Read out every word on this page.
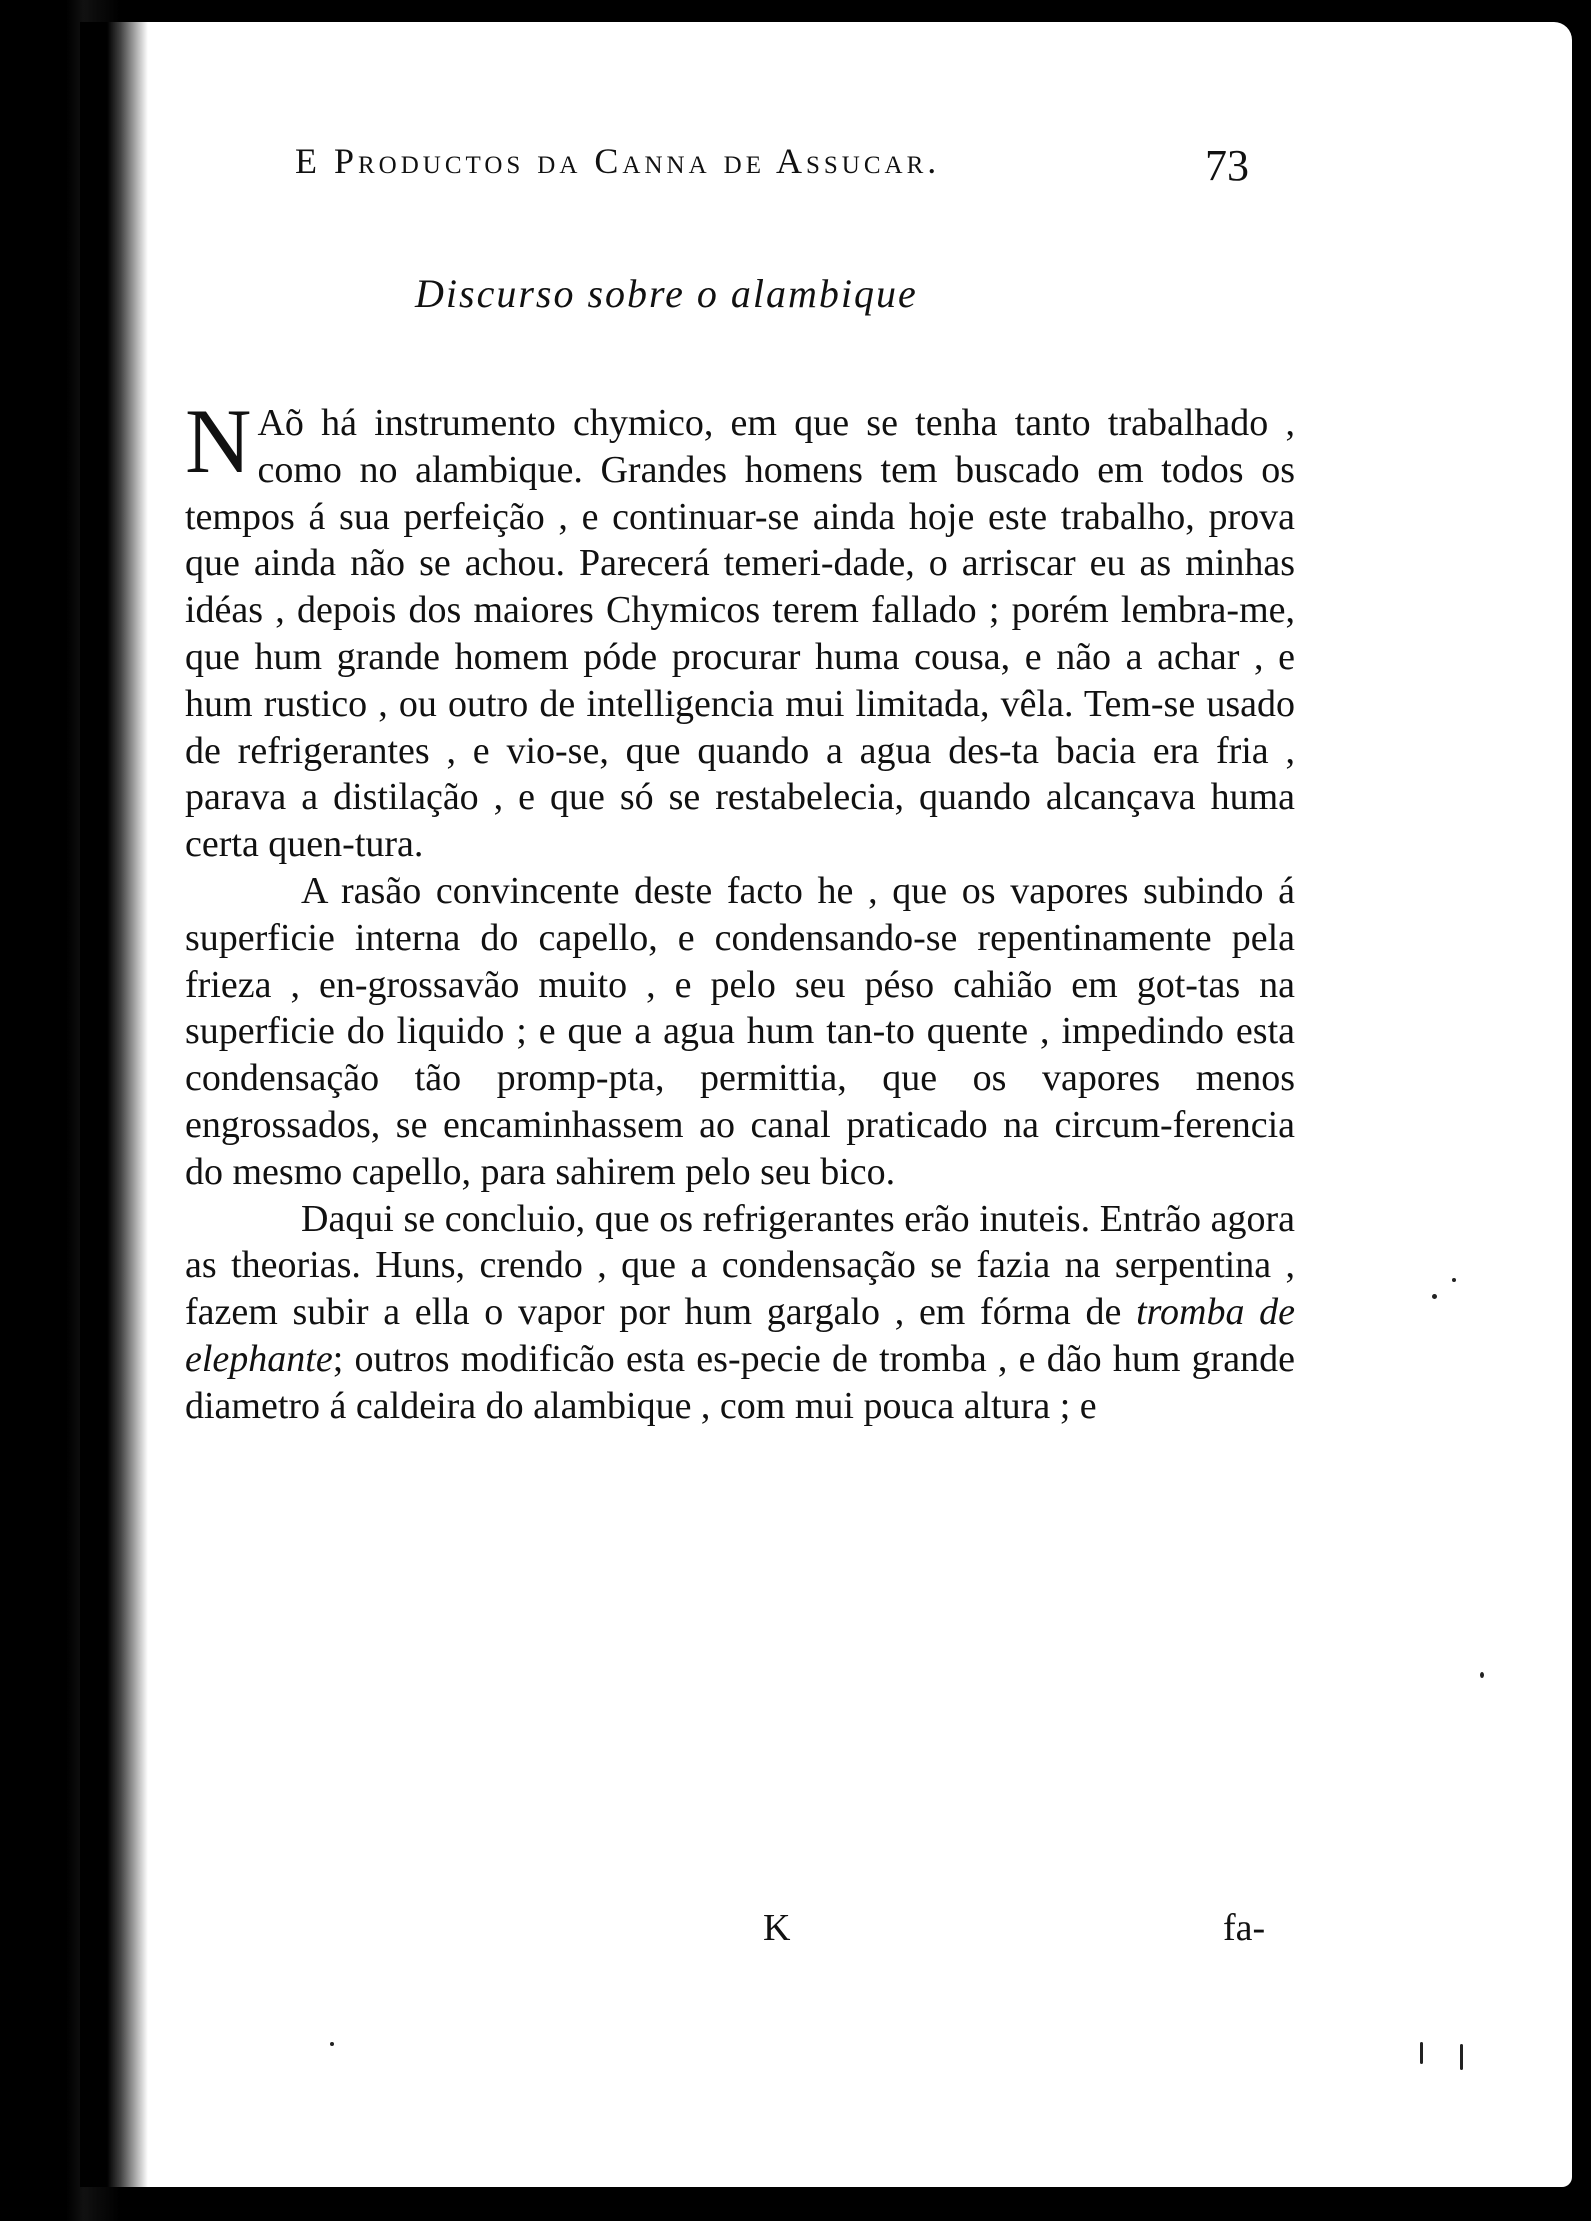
E Productos da Canna de Assucar.	73
Discurso sobre o alambique

N Aõ há instrumento chymico, em que se tenha tanto trabalhado , como no alambique. Grandes homens tem buscado em todos os tempos á sua perfeição , e continuar-se ainda hoje este trabalho, prova que ainda não se achou. Parecerá temeri-dade, o arriscar eu as minhas idéas , depois dos maiores Chymicos terem fallado ; porém lembra-me, que hum grande homem póde procurar huma cousa, e não a achar , e hum rustico , ou outro de intelligencia mui limitada, vêla. Tem-se usado de refrigerantes , e vio-se, que quando a agua des-ta bacia era fria , parava a distilação , e que só se restabelecia, quando alcançava huma certa quen-tura.

A rasão convincente deste facto he , que os vapores subindo á superficie interna do capello, e condensando-se repentinamente pela frieza , en-grossavão muito , e pelo seu péso cahião em got-tas na superficie do liquido ; e que a agua hum tan-to quente , impedindo esta condensação tão promp-pta, permittia, que os vapores menos engrossados, se encaminhassem ao canal praticado na circum-ferencia do mesmo capello, para sahirem pelo seu bico.

Daqui se concluio, que os refrigerantes erão inuteis. Entrão agora as theorias. Huns, crendo , que a condensação se fazia na serpentina , fazem subir a ella o vapor por hum gargalo , em fórma de tromba de elephante; outros modificão esta es-pecie de tromba , e dão hum grande diametro á caldeira do alambique , com mui pouca altura ; e

K	fa-
